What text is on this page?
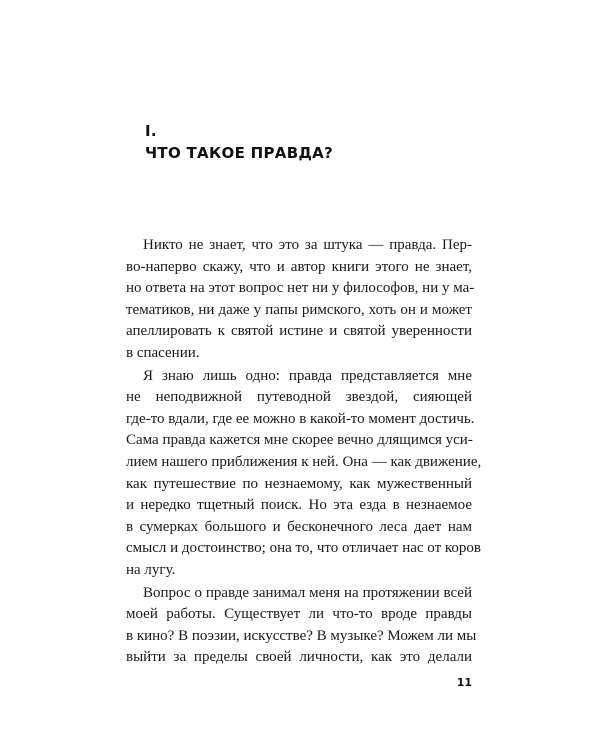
I.
ЧТО ТАКОЕ ПРАВДА?
Никто не знает, что это за штука — правда. Пер-
во-наперво скажу, что и автор книги этого не знает,
но ответа на этот вопрос нет ни у философов, ни у ма-
тематиков, ни даже у папы римского, хоть он и может
апеллировать к святой истине и святой уверенности
в спасении.
Я знаю лишь одно: правда представляется мне
не неподвижной путеводной звездой, сияющей
где-то вдали, где ее можно в какой-то момент достичь.
Сама правда кажется мне скорее вечно длящимся уси-
лием нашего приближения к ней. Она — как движение,
как путешествие по незнаемому, как мужественный
и нередко тщетный поиск. Но эта езда в незнаемое
в сумерках большого и бесконечного леса дает нам
смысл и достоинство; она то, что отличает нас от коров
на лугу.
Вопрос о правде занимал меня на протяжении всей
моей работы. Существует ли что-то вроде правды
в кино? В поэзии, искусстве? В музыке? Можем ли мы
выйти за пределы своей личности, как это делали
11
